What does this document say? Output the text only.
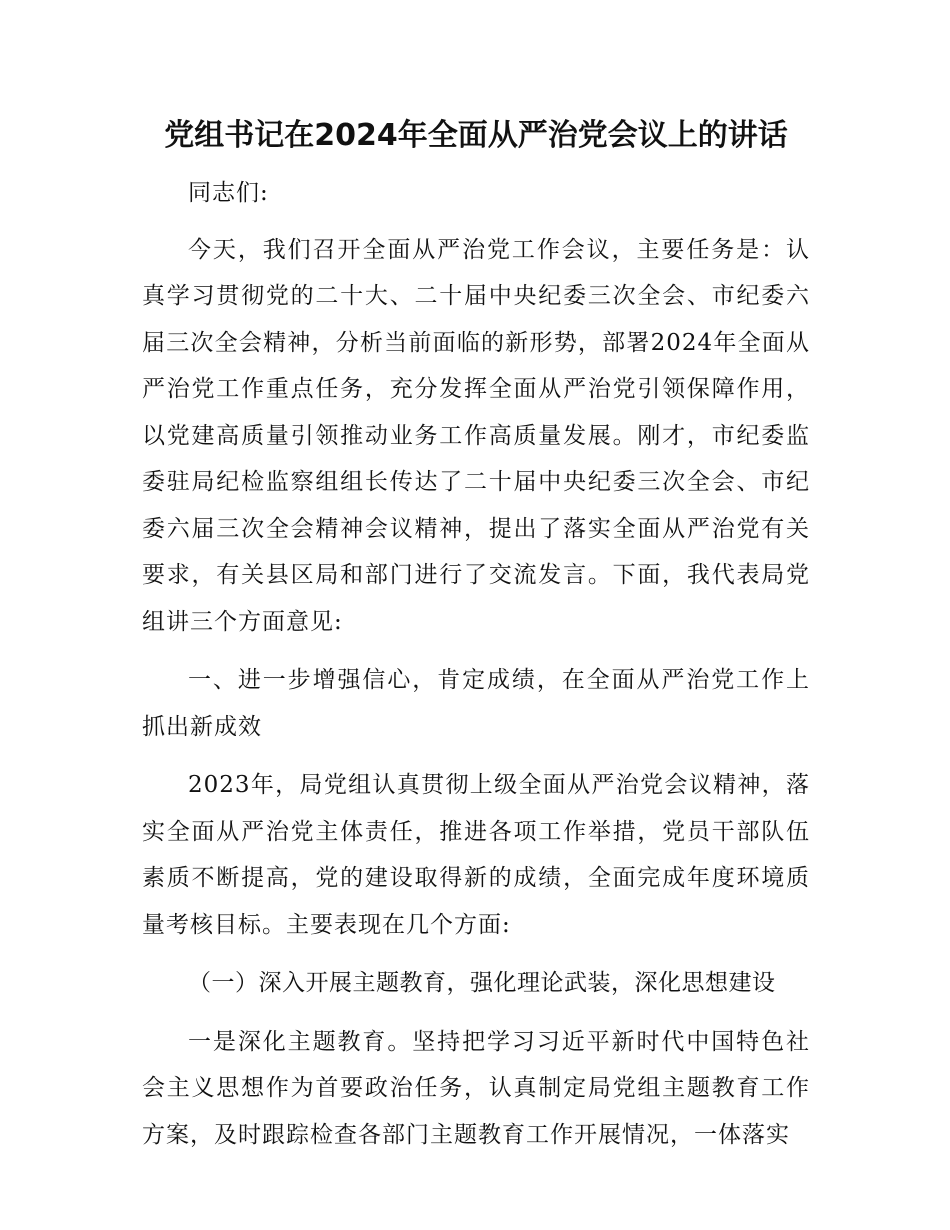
党组书记在2024年全面从严治党会议上的讲话

同志们:

今天，我们召开全面从严治党工作会议，主要任务是：认真学习贯彻党的二十大、二十届中央纪委三次全会、市纪委六届三次全会精神，分析当前面临的新形势，部署2024年全面从严治党工作重点任务，充分发挥全面从严治党引领保障作用，以党建高质量引领推动业务工作高质量发展。刚才，市纪委监委驻局纪检监察组组长传达了二十届中央纪委三次全会、市纪委六届三次全会精神会议精神，提出了落实全面从严治党有关要求，有关县区局和部门进行了交流发言。下面，我代表局党组讲三个方面意见:

一、进一步增强信心，肯定成绩，在全面从严治党工作上抓出新成效

2023年，局党组认真贯彻上级全面从严治党会议精神，落实全面从严治党主体责任，推进各项工作举措，党员干部队伍素质不断提高，党的建设取得新的成绩，全面完成年度环境质量考核目标。主要表现在几个方面:

（一）深入开展主题教育，强化理论武装，深化思想建设

一是深化主题教育。坚持把学习习近平新时代中国特色社会主义思想作为首要政治任务，认真制定局党组主题教育工作方案，及时跟踪检查各部门主题教育工作开展情况，一体落实
